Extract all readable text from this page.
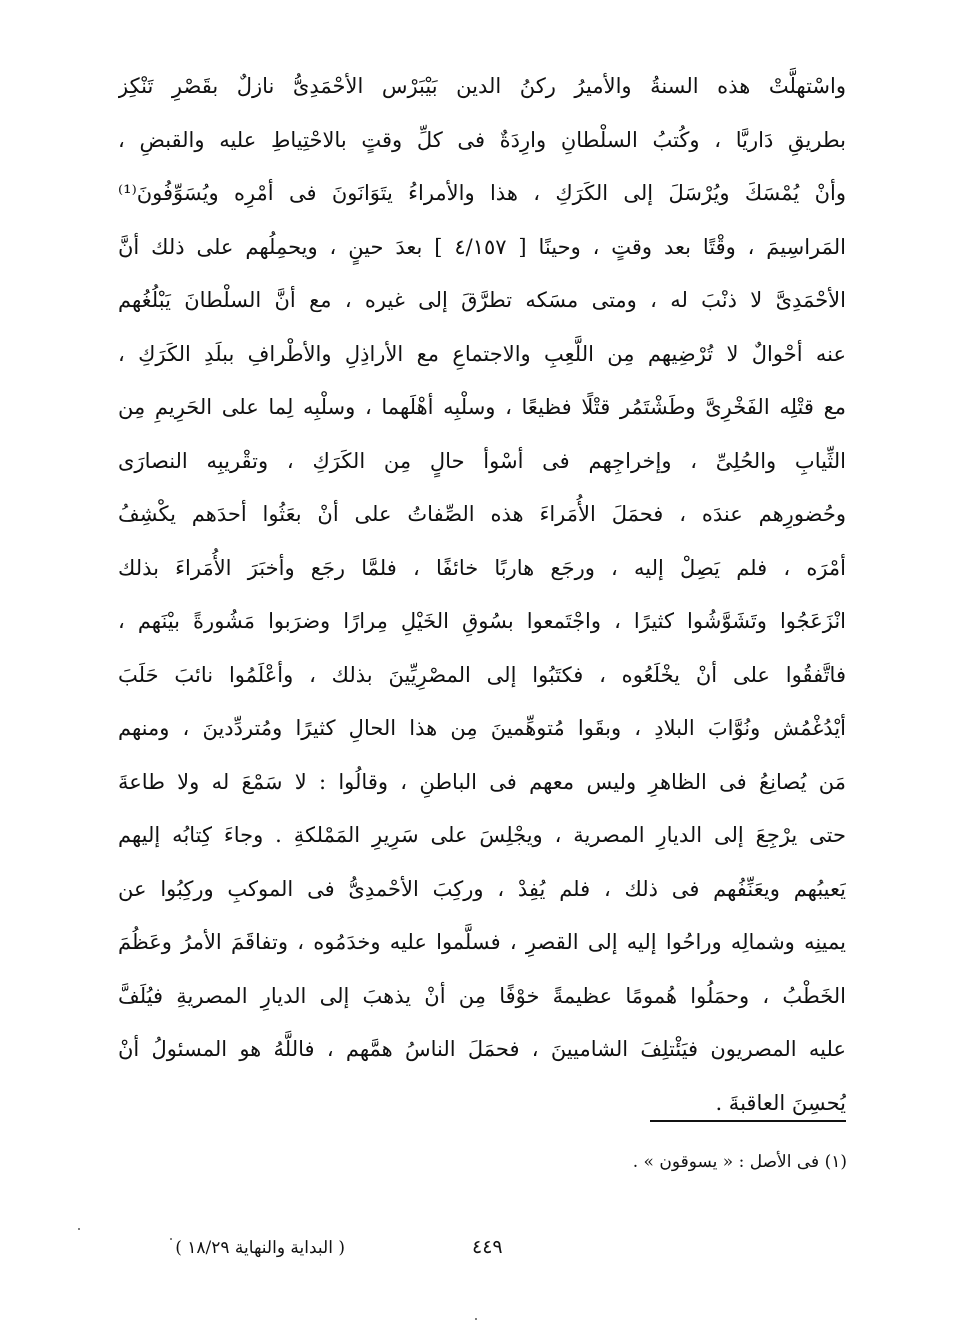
واسْتهلَّتْ هذه السنةُ والأميرُ ركنُ الدين بَيْبَرْس الأحْمَدِىُّ نازلٌ بقَصْرِ تَنْكِز
بطريقِ دَاريَّا ، وكُتبُ السلْطانِ وارِدَةٌ فى كلِّ وقتٍ بالاحْتِياطِ عليه والقبضِ ،
وأنْ يُمْسَكَ ويُرْسَلَ إلى الكَرَكِ ، هذا والأمراءُ يتَوَانَونَ فى أمْرِه ويُسَوِّفُونَ⁽¹⁾
المَراسِيمَ ، وقْتًا بعد وقتٍ ، وحينًا [ ٤/١٥٧ ] بعدَ حينٍ ، ويحمِلُهم على ذلك أنَّ
الأحْمَدِىَّ لا ذنْبَ له ، ومتى مسَكه تطرَّقَ إلى غيره ، مع أنَّ السلْطانَ يَبْلُغُهم
عنه أحْوالٌ لا تُرْضِيهم مِن اللَّعِبِ والاجتماعِ مع الأراذِلِ والأطْرافِ ببلَدِ الكَرَكِ ،
مع قتْلِه الفَخْرِىَّ وطَشْتَمُر قتْلًا فظيعًا ، وسلْبِه أهْلَهما ، وسلْبِه لِما على الحَرِيمِ مِن
الثِّيابِ والحُلِىِّ ، وإخراجِهم فى أسْوأ حالٍ مِن الكَرَكِ ، وتقْريبِه النصارَى
وحُضورِهم عندَه ، فحمَلَ الأُمَراءَ هذه الصِّفاتُ على أنْ بعَثُوا أحدَهم يكْشِفُ
أمْرَه ، فلم يَصِلْ إليه ، ورجَع هاربًا خائفًا ، فلمَّا رجَع وأخبَرَ الأُمَراءَ بذلك
انْزَعَجُوا وتَشَوَّشُوا كثيرًا ، واجْتَمعوا بسُوقِ الخَيْلِ مِرارًا وضرَبوا مَشُورةً بيْنَهم ،
فاتَّفقُوا على أنْ يخْلَعُوه ، فكتَبُوا إلى المصْرِيِّينَ بذلك ، وأعْلَمُوا نائبَ حَلَبَ
أيْدُغْمُش ونُوَّابَ البلادِ ، وبقَوا مُتوهِّمينَ مِن هذا الحالِ كثيرًا ومُتردِّدينَ ، ومنهم
مَن يُصانِعُ فى الظاهرِ وليس معهم فى الباطنِ ، وقالُوا : لا سَمْعَ له ولا طاعةَ
حتى يرْجِعَ إلى الديارِ المصرية ، ويجْلِسَ على سَرِيرِ المَمْلكةِ . وجاءَ كِتابُه إليهم
يَعيبُهم ويعَنِّفُهم فى ذلك ، فلم يُفِدْ ، وركِبَ الأحْمدِىُّ فى الموكبِ وركِبُوا عن
يمينِه وشمالِه وراحُوا إليه إلى القصرِ ، فسلَّموا عليه وخدَمُوه ، وتفاقَمَ الأمرُ وعَظُمَ
الخَطْبُ ، وحمَلُوا هُمومًا عظيمةً خوْفًا مِن أنْ يذهبَ إلى الديارِ المصريةِ فيُلَفَّ
عليه المصريون فيَئْتلِفَ الشاميينَ ، فحمَلَ الناسُ همَّهم ، فاللَّهُ هو المسئولُ أنْ
يُحسِنَ العاقبةَ .
(١) فى الأصل : « يسوقون » .
٤٤٩
( البداية والنهاية ١٨/٢٩ )
